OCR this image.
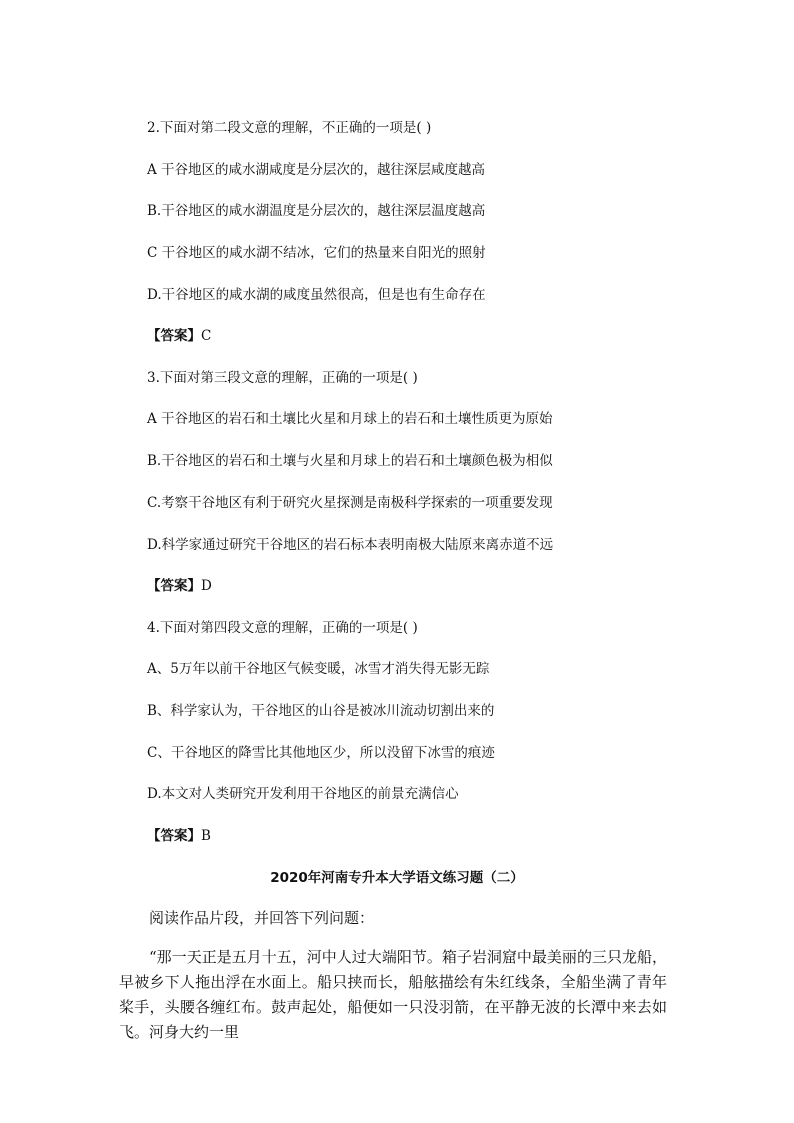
2.下面对第二段文意的理解，不正确的一项是( )
A 干谷地区的咸水湖咸度是分层次的，越往深层咸度越高
B.干谷地区的咸水湖温度是分层次的，越往深层温度越高
C 干谷地区的咸水湖不结冰，它们的热量来自阳光的照射
D.干谷地区的咸水湖的咸度虽然很高，但是也有生命存在
【答案】C
3.下面对第三段文意的理解，正确的一项是( )
A 干谷地区的岩石和土壤比火星和月球上的岩石和土壤性质更为原始
B.干谷地区的岩石和土壤与火星和月球上的岩石和土壤颜色极为相似
C.考察干谷地区有利于研究火星探测是南极科学探索的一项重要发现
D.科学家通过研究干谷地区的岩石标本表明南极大陆原来离赤道不远
【答案】D
4.下面对第四段文意的理解，正确的一项是( )
A、5万年以前干谷地区气候变暖，冰雪才消失得无影无踪
B、科学家认为，干谷地区的山谷是被冰川流动切割出来的
C、干谷地区的降雪比其他地区少，所以没留下冰雪的痕迹
D.本文对人类研究开发利用干谷地区的前景充满信心
【答案】B
2020年河南专升本大学语文练习题（二）
阅读作品片段，并回答下列问题：
“那一天正是五月十五，河中人过大端阳节。箱子岩洞窟中最美丽的三只龙船，早被乡下人拖出浮在水面上。船只挟而长，船舷描绘有朱红线条，全船坐满了青年桨手，头腰各缠红布。鼓声起处，船便如一只没羽箭，在平静无波的长潭中来去如飞。河身大约一里
